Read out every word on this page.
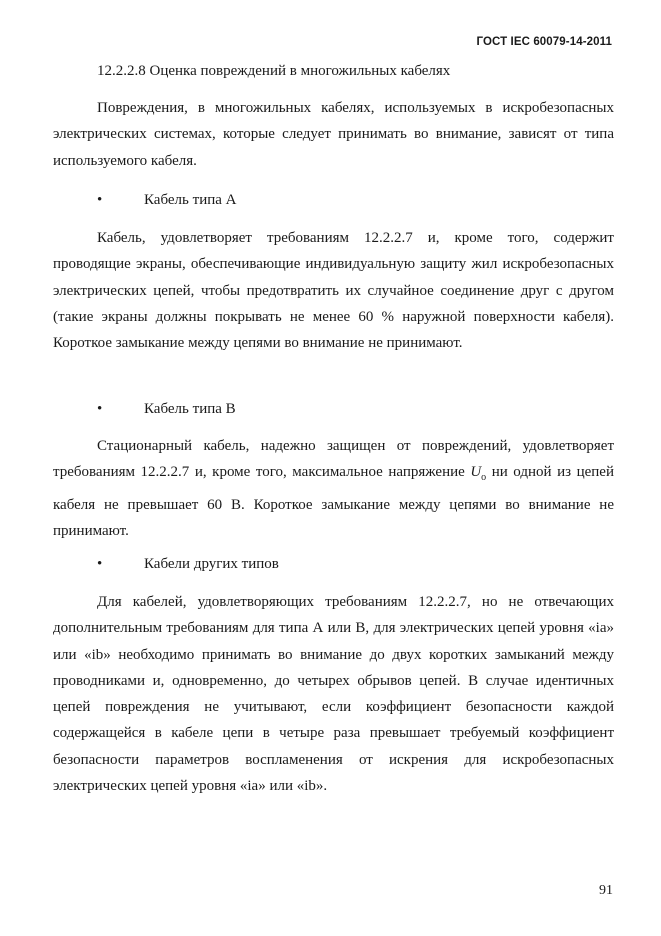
ГОСТ IEC 60079-14-2011
12.2.2.8 Оценка повреждений в многожильных кабелях

Повреждения, в многожильных кабелях, используемых в искробезопасных электрических системах, которые следует принимать во внимание, зависят от типа используемого кабеля.

•	Кабель типа А

Кабель, удовлетворяет требованиям 12.2.2.7 и, кроме того, содержит проводящие экраны, обеспечивающие индивидуальную защиту жил искробезопасных электрических цепей, чтобы предотвратить их случайное соединение друг с другом (такие экраны должны покрывать не менее 60 % наружной поверхности кабеля). Короткое замыкание между цепями во внимание не принимают.

•	Кабель типа В

Стационарный кабель, надежно защищен от повреждений, удовлетворяет требованиям 12.2.2.7 и, кроме того, максимальное напряжение $U_o$ ни одной из цепей кабеля не превышает 60 В. Короткое замыкание между цепями во внимание не принимают.

•	Кабели других типов

Для кабелей, удовлетворяющих требованиям 12.2.2.7, но не отвечающих дополнительным требованиям для типа А или В, для электрических цепей уровня «ia» или «ib» необходимо принимать во внимание до двух коротких замыканий между проводниками и, одновременно, до четырех обрывов цепей. В случае идентичных цепей повреждения не учитывают, если коэффициент безопасности каждой содержащейся в кабеле цепи в четыре раза превышает требуемый коэффициент безопасности параметров воспламенения от искрения для искробезопасных электрических цепей уровня «ia» или «ib».

91
